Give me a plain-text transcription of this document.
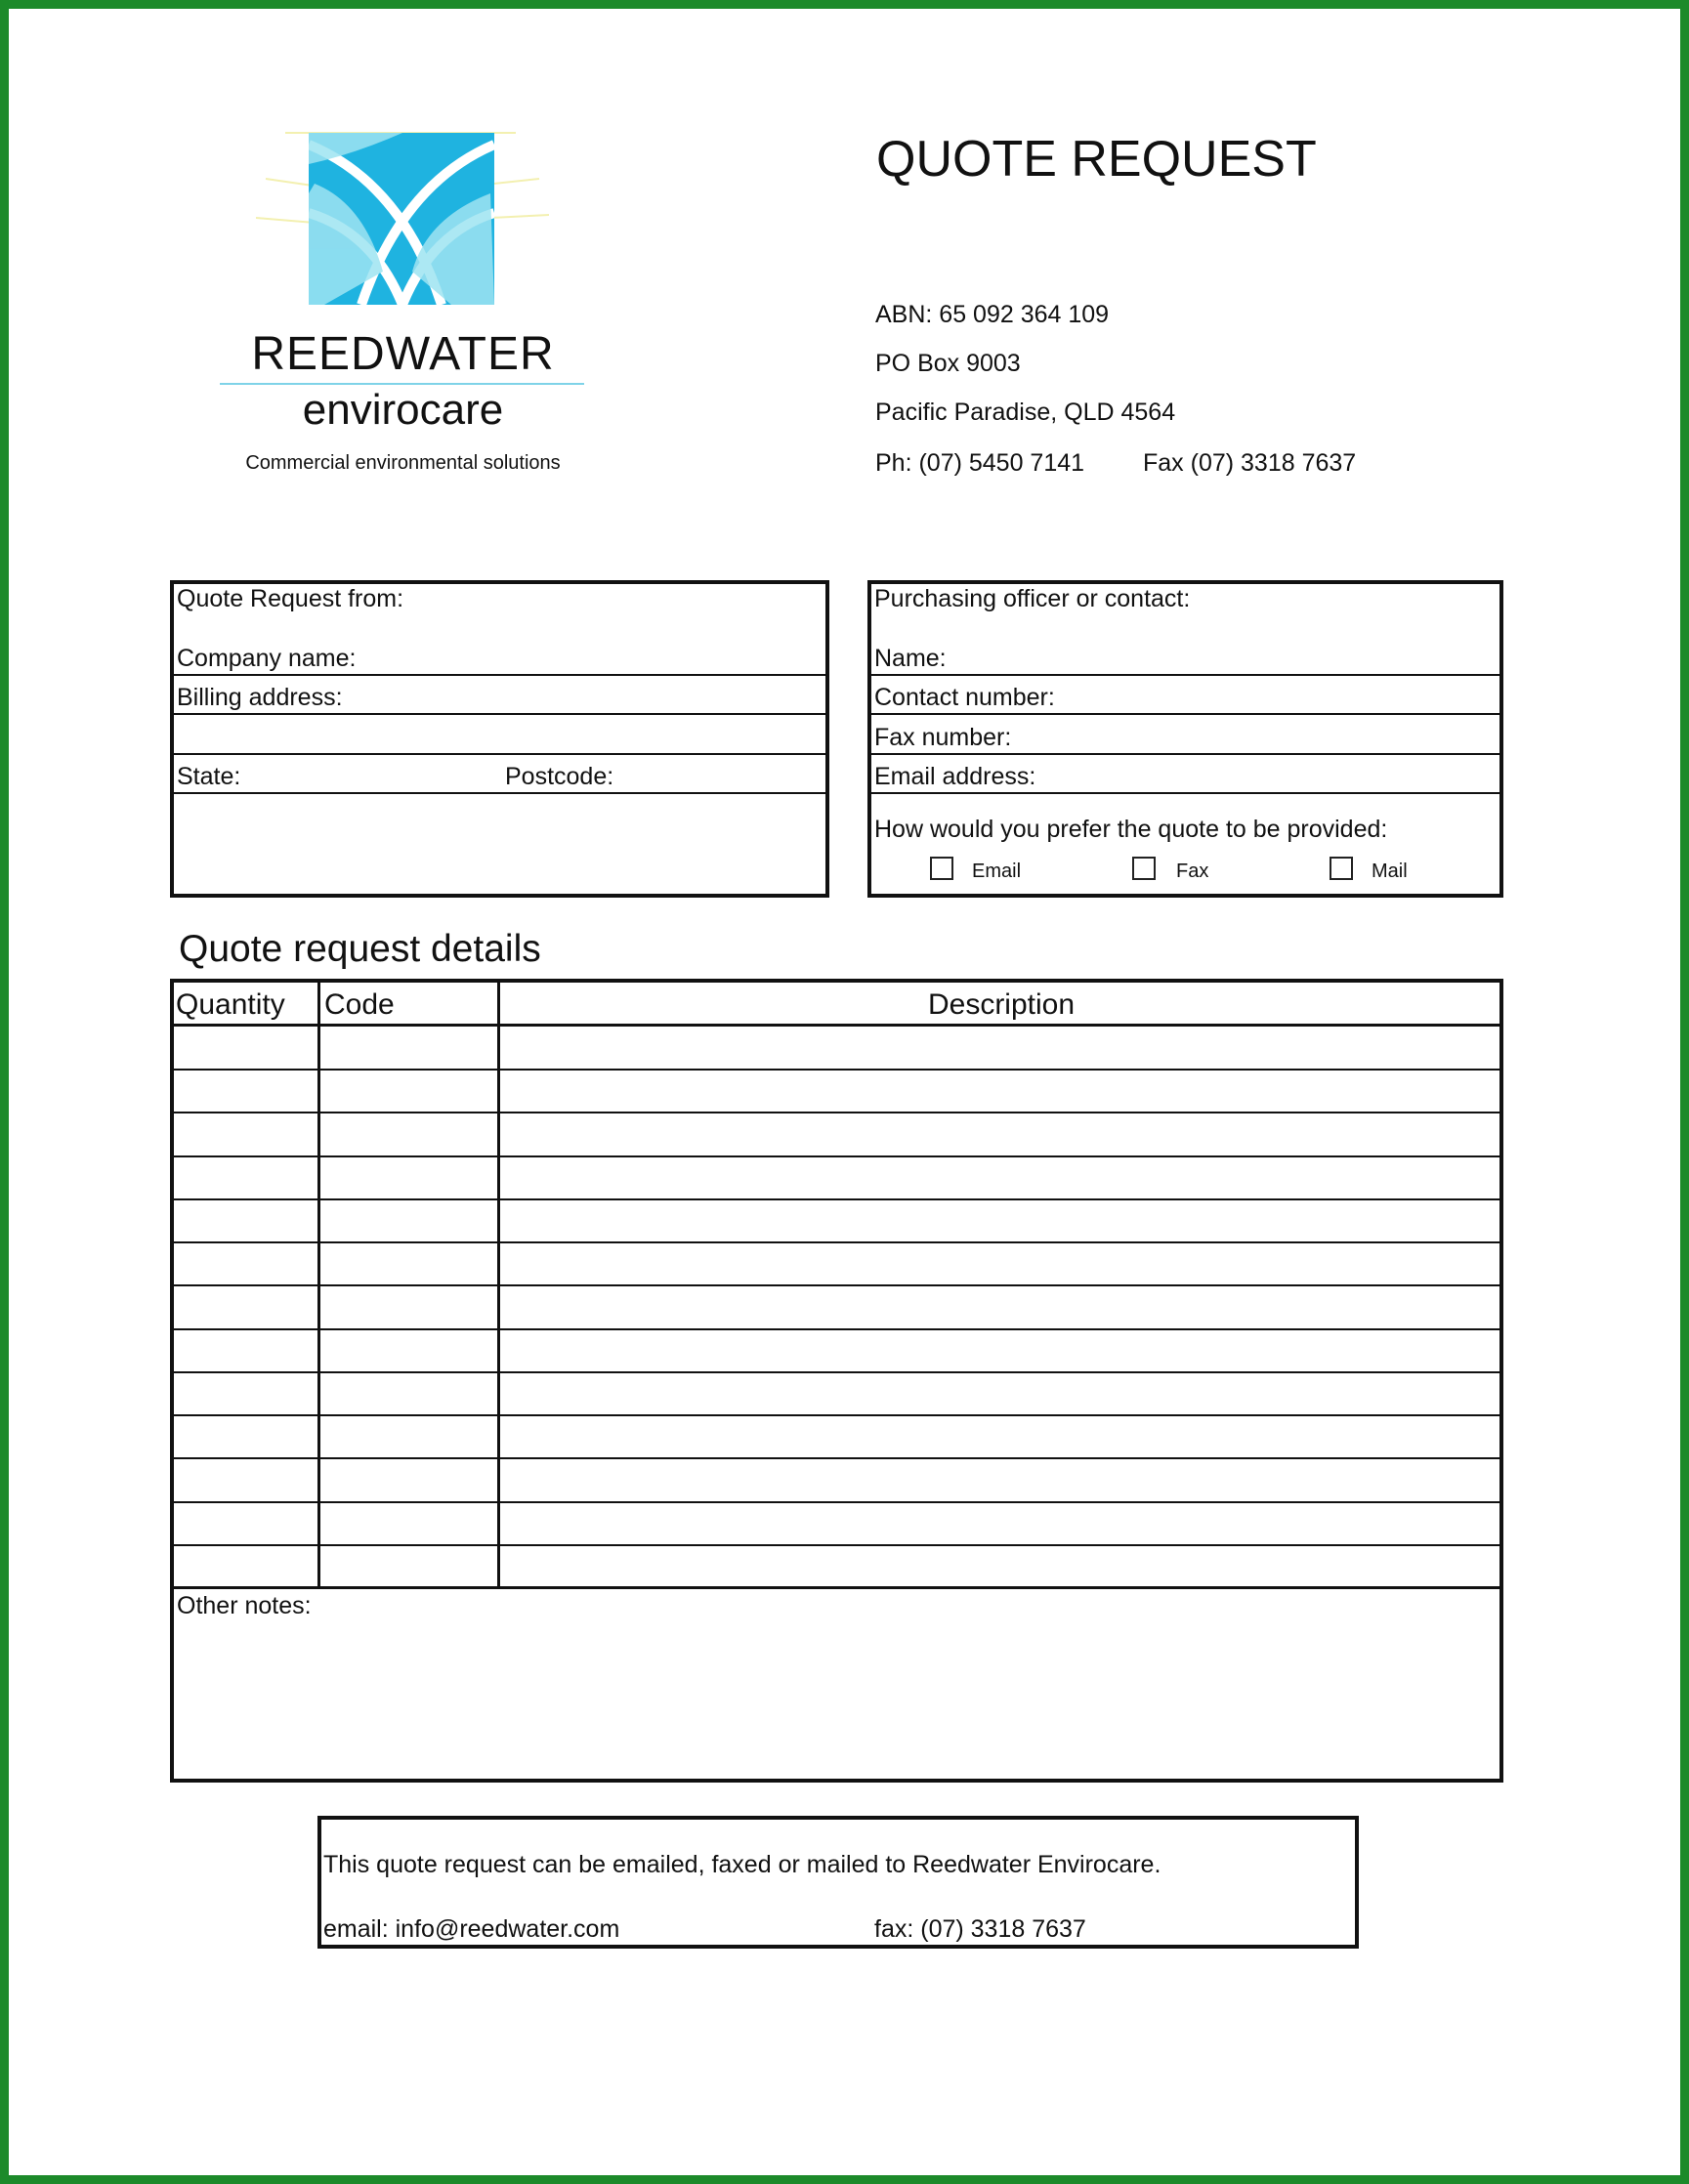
REEDWATER
envirocare
Commercial environmental solutions
QUOTE REQUEST
ABN: 65 092 364 109
PO Box 9003
Pacific Paradise, QLD 4564
Ph: (07) 5450 7141 Fax (07) 3318 7637
Quote Request from:
Company name:
Billing address:
State:	Postcode:
Purchasing officer or contact:
Name:
Contact number:
Fax number:
Email address:
How would you prefer the quote to be provided:
Email	Fax	Mail
Quote request details
Quantity Code	Description
Other notes:
This quote request can be emailed, faxed or mailed to Reedwater Envirocare.
email: info@reedwater.com	fax: (07) 3318 7637
